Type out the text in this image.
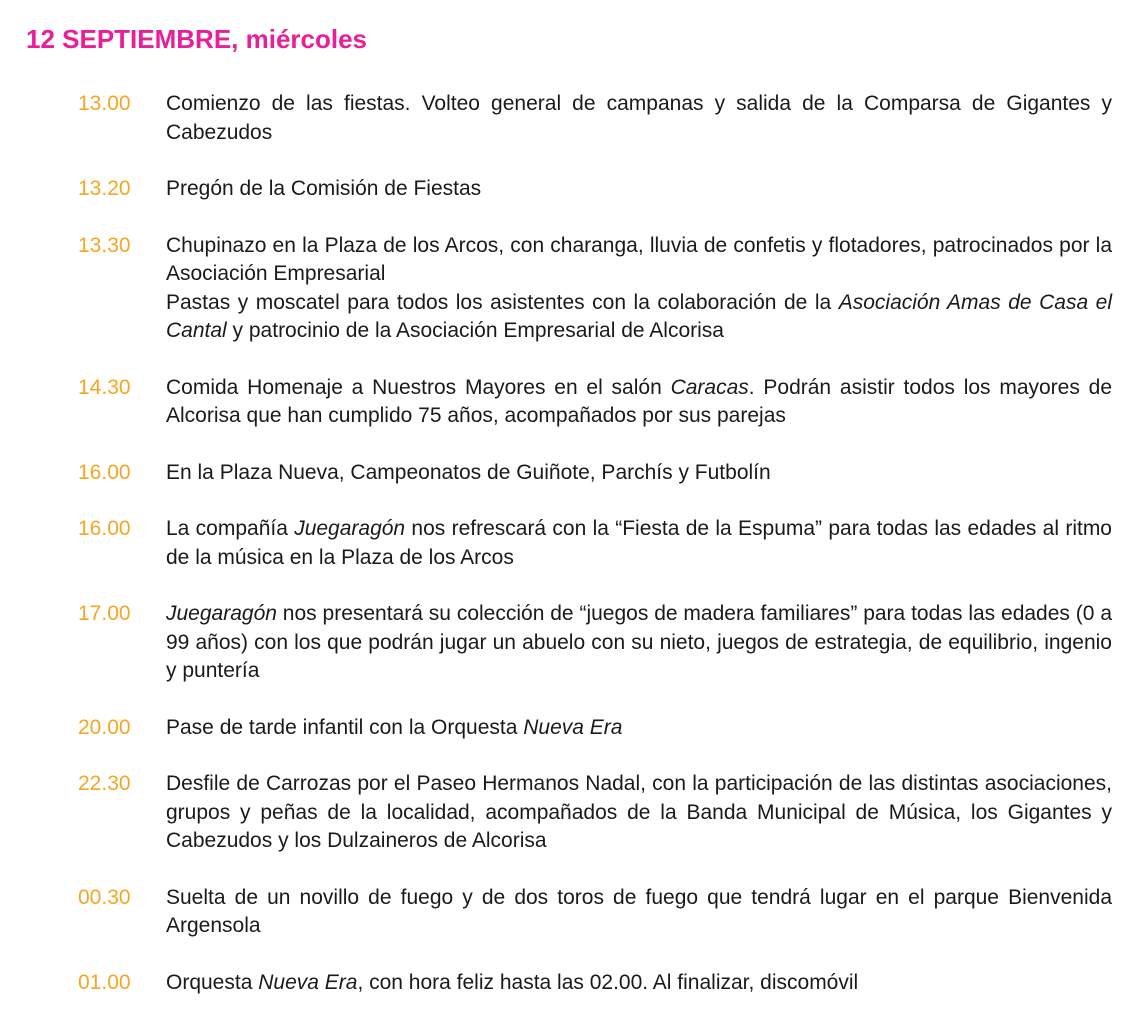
12 SEPTIEMBRE, miércoles
13.00	Comienzo de las fiestas. Volteo general de campanas y salida de la Comparsa de Gigantes y Cabezudos

13.20	Pregón de la Comisión de Fiestas

13.30	Chupinazo en la Plaza de los Arcos, con charanga, lluvia de confetis y flotadores, patrocinados por la Asociación Empresarial

Pastas y moscatel para todos los asistentes con la colaboración de la Asociación Amas de Casa el Cantal y patrocinio de la Asociación Empresarial de Alcorisa

14.30	Comida Homenaje a Nuestros Mayores en el salón Caracas. Podrán asistir todos los mayores de Alcorisa que han cumplido 75 años, acompañados por sus parejas

16.00	En la Plaza Nueva, Campeonatos de Guiñote, Parchís y Futbolín

16.00	La compañía Juegaragón nos refrescará con la “Fiesta de la Espuma” para todas las edades al ritmo de la música en la Plaza de los Arcos

17.00	Juegaragón nos presentará su colección de “juegos de madera familiares” para todas las edades (0 a 99 años) con los que podrán jugar un abuelo con su nieto, juegos de estrategia, de equilibrio, ingenio y puntería

20.00	Pase de tarde infantil con la Orquesta Nueva Era

22.30	Desfile de Carrozas por el Paseo Hermanos Nadal, con la participación de las distintas asociaciones, grupos y peñas de la localidad, acompañados de la Banda Municipal de Música, los Gigantes y Cabezudos y los Dulzaineros de Alcorisa

00.30	Suelta de un novillo de fuego y de dos toros de fuego que tendrá lugar en el parque Bienvenida Argensola

01.00	Orquesta Nueva Era, con hora feliz hasta las 02.00. Al finalizar, discomóvil
